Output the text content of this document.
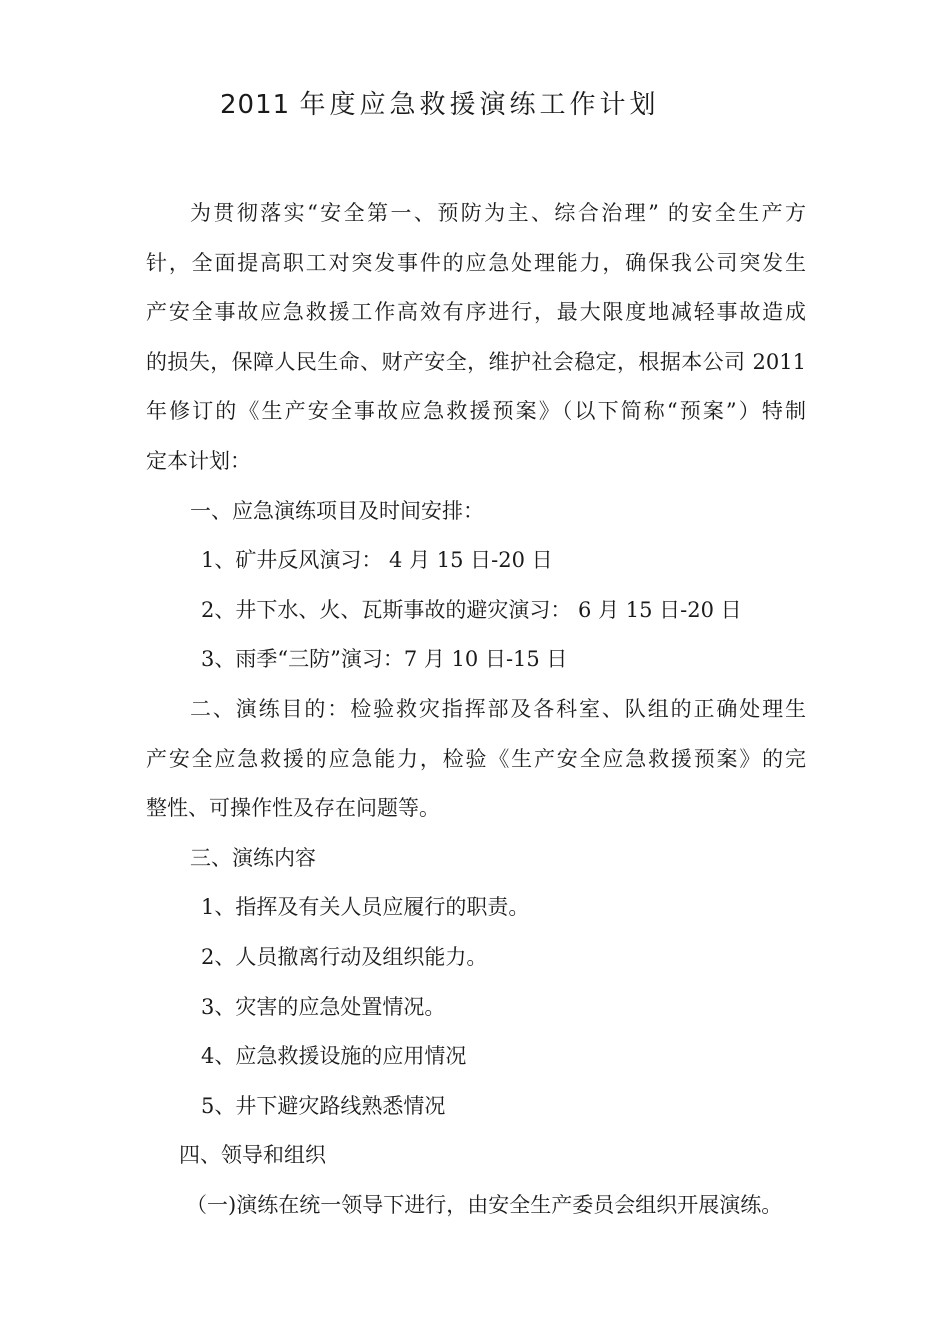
2011 年度应急救援演练工作计划
为贯彻落实“安全第一、预防为主、综合治理” 的安全生产方
针，全面提高职工对突发事件的应急处理能力，确保我公司突发生
产安全事故应急救援工作高效有序进行，最大限度地减轻事故造成
的损失，保障人民生命、财产安全，维护社会稳定，根据本公司 2011
年修订的《生产安全事故应急救援预案》（以下简称“预案”）特制
定本计划：
一、应急演练项目及时间安排：
1、矿井反风演习： 4 月 15 日-20 日
2、井下水、火、瓦斯事故的避灾演习： 6 月 15 日-20 日
3、雨季“三防”演习：7 月 10 日-15 日
二、演练目的：检验救灾指挥部及各科室、队组的正确处理生
产安全应急救援的应急能力，检验《生产安全应急救援预案》的完
整性、可操作性及存在问题等。
三、演练内容
1、指挥及有关人员应履行的职责。
2、人员撤离行动及组织能力。
3、灾害的应急处置情况。
4、应急救援设施的应用情况
5、井下避灾路线熟悉情况
四、领导和组织
（一)演练在统一领导下进行，由安全生产委员会组织开展演练。
